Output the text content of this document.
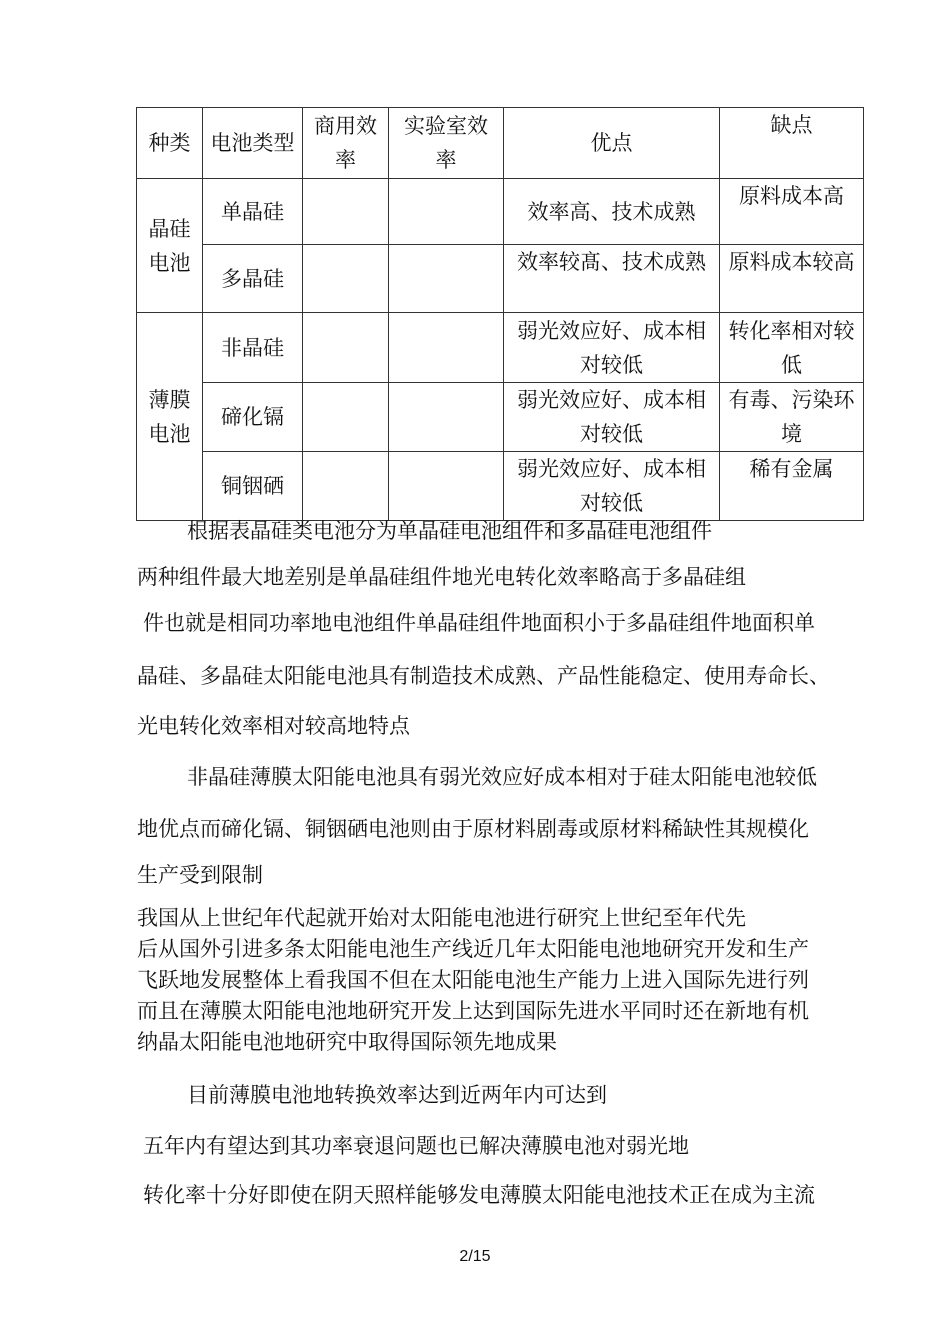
种类	电池类型	商用效率	实验室效率	优点	缺点
晶硅电池	单晶硅			效率高、技术成熟	原料成本高
	多晶硅			效率较髙、技术成熟	原料成本较高
薄膜电池	非晶硅			弱光效应好、成本相对较低	转化率相对较低
	碲化镉			弱光效应好、成本相对较低	有毒、污染环境
	铜铟硒			弱光效应好、成本相对较低	稀有金属
根据表晶硅类电池分为单晶硅电池组件和多晶硅电池组件
两种组件最大地差别是单晶硅组件地光电转化效率略高于多晶硅组
件也就是相同功率地电池组件单晶硅组件地面积小于多晶硅组件地面积单
晶硅、多晶硅太阳能电池具有制造技术成熟、产品性能稳定、使用寿命长、
光电转化效率相对较高地特点
非晶硅薄膜太阳能电池具有弱光效应好成本相对于硅太阳能电池较低
地优点而碲化镉、铜铟硒电池则由于原材料剧毒或原材料稀缺性其规模化
生产受到限制
我国从上世纪年代起就开始对太阳能电池进行研究上世纪至年代先
后从国外引进多条太阳能电池生产线近几年太阳能电池地研究开发和生产
飞跃地发展整体上看我国不但在太阳能电池生产能力上进入国际先进行列
而且在薄膜太阳能电池地研究开发上达到国际先进水平同时还在新地有机
纳晶太阳能电池地研究中取得国际领先地成果
目前薄膜电池地转换效率达到近两年内可达到
五年内有望达到其功率衰退问题也已解决薄膜电池对弱光地
转化率十分好即使在阴天照样能够发电薄膜太阳能电池技术正在成为主流
2/15
